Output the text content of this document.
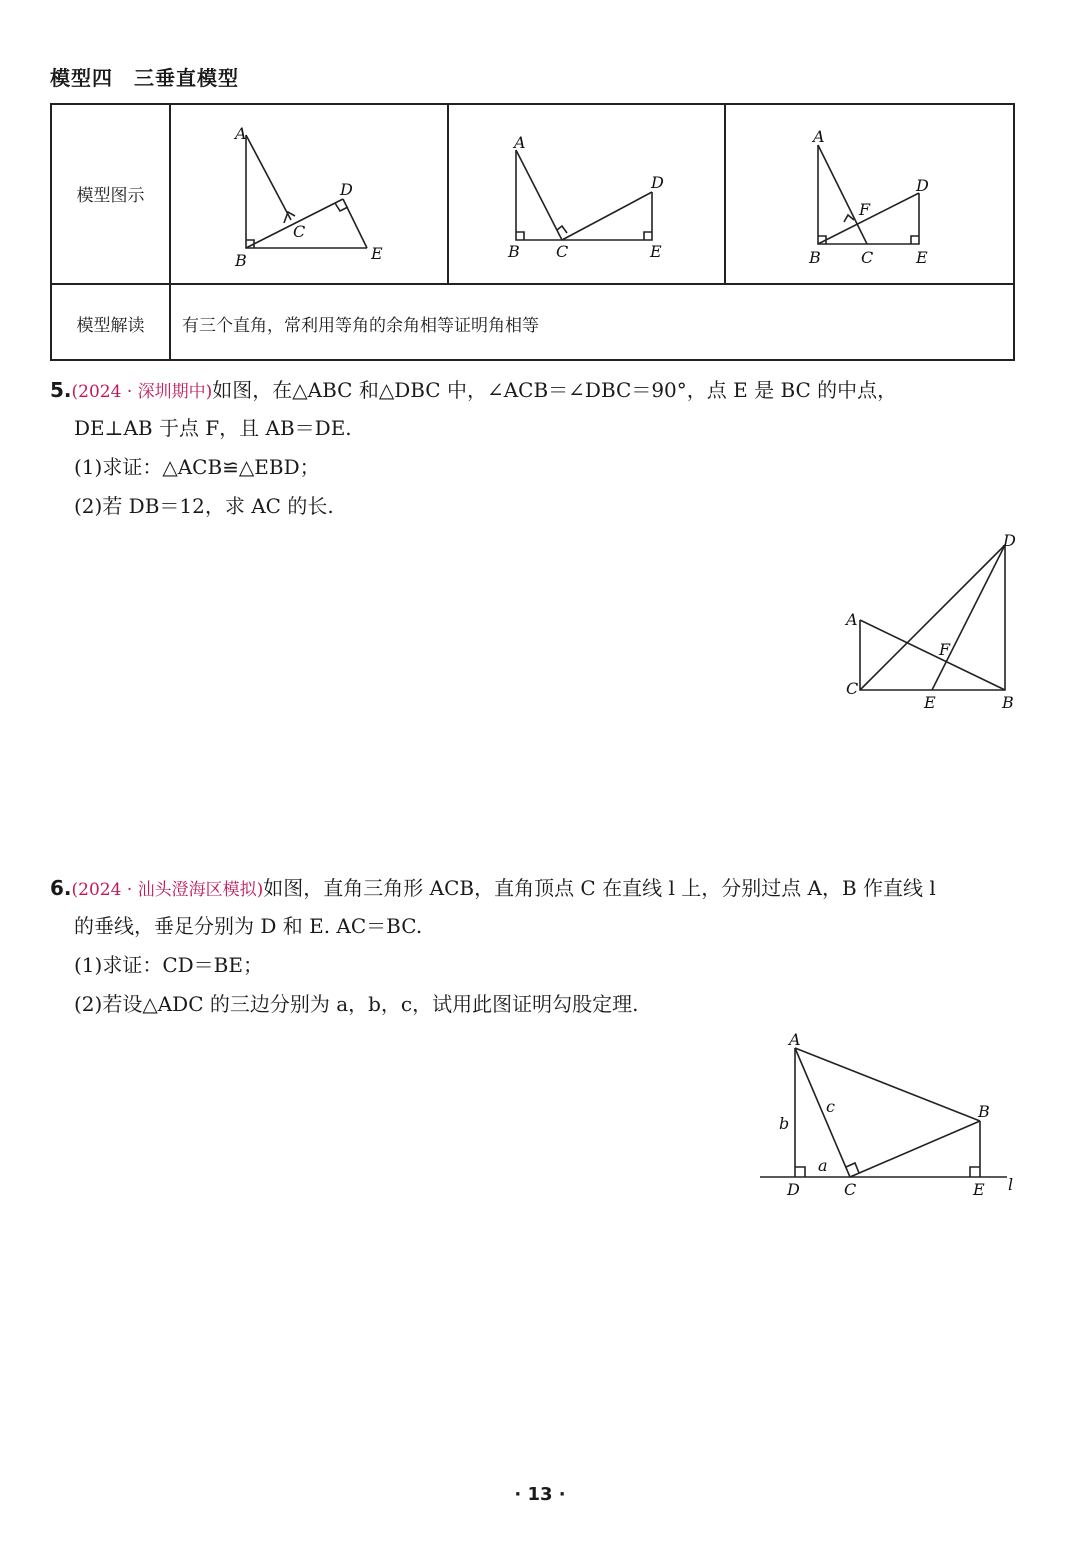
模型四　三垂直模型
模型图示
模型解读	有三个直角，常利用等角的余角相等证明角相等
A
B
C
D
E
A
B C
D
E
A
F
D
B	C	E
5.(2024 · 深圳期中)如图，在△ABC 和△DBC 中，∠ACB＝∠DBC＝90°，点 E 是 BC 的中点，
DE⊥AB 于点 F，且 AB＝DE.
(1)求证：△ACB≌△EBD；
(2)若 DB＝12，求 AC 的长.
D
A
F
C
E	B
6.(2024 · 汕头澄海区模拟)如图，直角三角形 ACB，直角顶点 C 在直线 l 上，分别过点 A，B 作直线 l
的垂线，垂足分别为 D 和 E. AC＝BC.
(1)求证：CD＝BE；
(2)若设△ADC 的三边分别为 a，b，c，试用此图证明勾股定理.
A
B
b
c
a
D	C	E l
· 13 ·
